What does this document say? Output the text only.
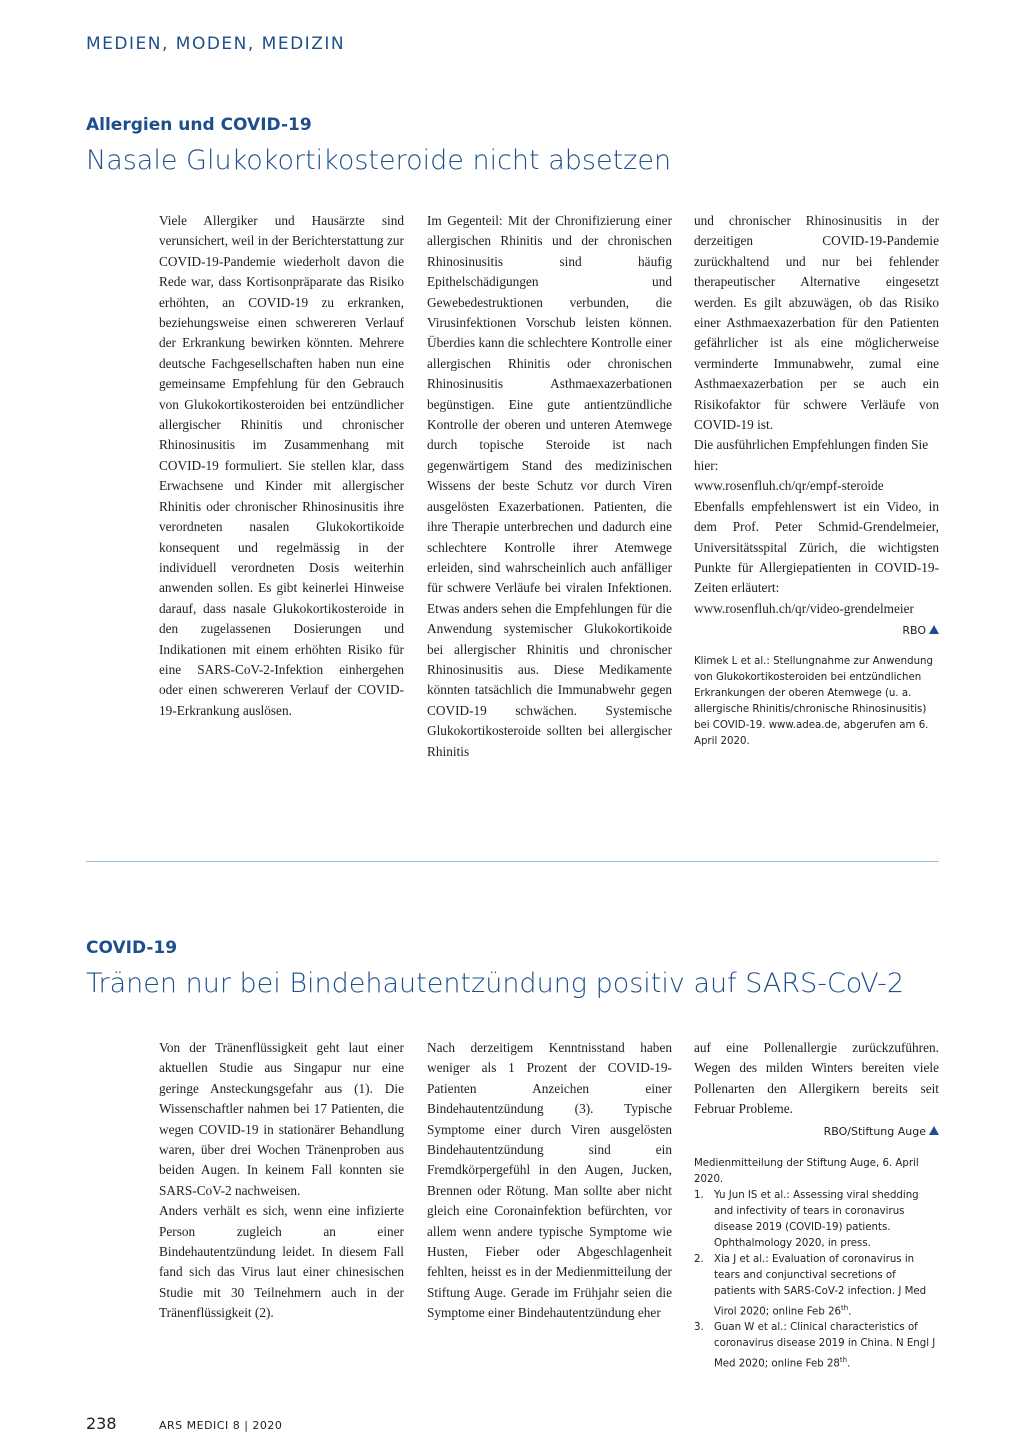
MEDIEN, MODEN, MEDIZIN
Allergien und COVID-19
Nasale Glukokortikosteroide nicht absetzen

Viele Allergiker und Hausärzte sind verunsichert, weil in der Berichterstattung zur COVID-19-Pandemie wiederholt davon die Rede war, dass Kortisonpräparate das Risiko erhöhten, an COVID-19 zu erkranken, beziehungsweise einen schwereren Verlauf der Erkrankung bewirken könnten. Mehrere deutsche Fachgesellschaften haben nun eine gemeinsame Empfehlung für den Gebrauch von Glukokortikosteroiden bei entzündlicher allergischer Rhinitis und chronischer Rhinosinusitis im Zusammenhang mit COVID-19 formuliert. Sie stellen klar, dass Erwachsene und Kinder mit allergischer Rhinitis oder chronischer Rhinosinusitis ihre verordneten nasalen Glukokortikoide konsequent und regelmässig in der individuell verordneten Dosis weiterhin anwenden sollen. Es gibt keinerlei Hinweise darauf, dass nasale Glukokortikosteroide in den zugelassenen Dosierungen und Indikationen mit einem erhöhten Risiko für eine SARS-CoV-2-Infektion einhergehen oder einen schwereren Verlauf der COVID-19-Erkrankung auslösen.

Im Gegenteil: Mit der Chronifizierung einer allergischen Rhinitis und der chronischen Rhinosinusitis sind häufig Epithelschädigungen und Gewebedestruktionen verbunden, die Virusinfektionen Vorschub leisten können. Überdies kann die schlechtere Kontrolle einer allergischen Rhinitis oder chronischen Rhinosinusitis Asthmaexazerbationen begünstigen. Eine gute antientzündliche Kontrolle der oberen und unteren Atemwege durch topische Steroide ist nach gegenwärtigem Stand des medizinischen Wissens der beste Schutz vor durch Viren ausgelösten Exazerbationen. Patienten, die ihre Therapie unterbrechen und dadurch eine schlechtere Kontrolle ihrer Atemwege erleiden, sind wahrscheinlich auch anfälliger für schwere Verläufe bei viralen Infektionen. Etwas anders sehen die Empfehlungen für die Anwendung systemischer Glukokortikoide bei allergischer Rhinitis und chronischer Rhinosinusitis aus. Diese Medikamente könnten tatsächlich die Immunabwehr gegen COVID-19 schwächen. Systemische Glukokortikosteroide sollten bei allergischer Rhinitis

und chronischer Rhinosinusitis in der derzeitigen COVID-19-Pandemie zurückhaltend und nur bei fehlender therapeutischer Alternative eingesetzt werden. Es gilt abzuwägen, ob das Risiko einer Asthmaexazerbation für den Patienten gefährlicher ist als eine möglicherweise verminderte Immunabwehr, zumal eine Asthmaexazerbation per se auch ein Risikofaktor für schwere Verläufe von COVID-19 ist.

Die ausführlichen Empfehlungen finden Sie hier:

www.rosenfluh.ch/qr/empf-steroide

Ebenfalls empfehlenswert ist ein Video, in dem Prof. Peter Schmid-Grendelmeier, Universitätsspital Zürich, die wichtigsten Punkte für Allergiepatienten in COVID-19-Zeiten erläutert:

www.rosenfluh.ch/qr/video-grendelmeier

RBO
Klimek L et al.: Stellungnahme zur Anwendung von Glukokortikosteroiden bei entzündlichen Erkrankungen der oberen Atemwege (u. a. allergische Rhinitis/chronische Rhinosinusitis) bei COVID-19. www.adea.de, abgerufen am 6. April 2020.
COVID-19
Tränen nur bei Bindehautentzündung positiv auf SARS-CoV-2

Von der Tränenflüssigkeit geht laut einer aktuellen Studie aus Singapur nur eine geringe Ansteckungsgefahr aus (1). Die Wissenschaftler nahmen bei 17 Patienten, die wegen COVID-19 in stationärer Behandlung waren, über drei Wochen Tränenproben aus beiden Augen. In keinem Fall konnten sie SARS-CoV-2 nachweisen.

Anders verhält es sich, wenn eine infizierte Person zugleich an einer Bindehautentzündung leidet. In diesem Fall fand sich das Virus laut einer chinesischen Studie mit 30 Teilnehmern auch in der Tränenflüssigkeit (2).

Nach derzeitigem Kenntnisstand haben weniger als 1 Prozent der COVID-19-Patienten Anzeichen einer Bindehautentzündung (3). Typische Symptome einer durch Viren ausgelösten Bindehautentzündung sind ein Fremdkörpergefühl in den Augen, Jucken, Brennen oder Rötung. Man sollte aber nicht gleich eine Coronainfektion befürchten, vor allem wenn andere typische Symptome wie Husten, Fieber oder Abgeschlagenheit fehlten, heisst es in der Medienmitteilung der Stiftung Auge. Gerade im Frühjahr seien die Symptome einer Bindehautentzündung eher

auf eine Pollenallergie zurückzuführen. Wegen des milden Winters bereiten viele Pollenarten den Allergikern bereits seit Februar Probleme.

RBO/Stiftung Auge

Medienmitteilung der Stiftung Auge, 6. April 2020.

1. Yu Jun IS et al.: Assessing viral shedding and infectivity of tears in coronavirus disease 2019 (COVID-19) patients. Ophthalmology 2020, in press.
2. Xia J et al.: Evaluation of coronavirus in tears and conjunctival secretions of patients with SARS-CoV-2 infection. J Med Virol 2020; online Feb 26th.
3. Guan W et al.: Clinical characteristics of coronavirus disease 2019 in China. N Engl J Med 2020; online Feb 28th.
238	ARS MEDICI 8 | 2020
